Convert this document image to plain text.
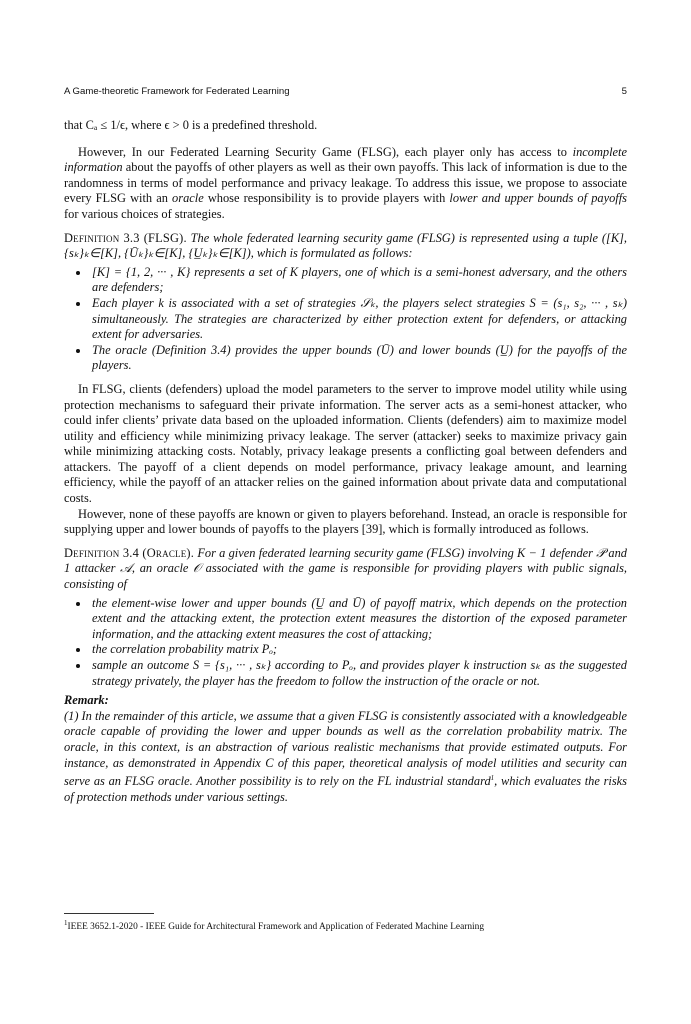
A Game-theoretic Framework for Federated Learning	5

that Cₐ ≤ 1/ϵ, where ϵ > 0 is a predefined threshold.

However, In our Federated Learning Security Game (FLSG), each player only has access to incomplete information about the payoffs of other players as well as their own payoffs. This lack of information is due to the randomness in terms of model performance and privacy leakage. To address this issue, we propose to associate every FLSG with an oracle whose responsibility is to provide players with lower and upper bounds of payoffs for various choices of strategies.

Definition 3.3 (FLSG). The whole federated learning security game (FLSG) is represented using a tuple ([K], {sₖ}ₖ∈[K], {Ūₖ}ₖ∈[K], {U̲ₖ}ₖ∈[K]), which is formulated as follows:

• [K] = {1, 2, ··· , K} represents a set of K players, one of which is a semi-honest adversary, and the others are defenders;
• Each player k is associated with a set of strategies 𝒮ₖ, the players select strategies S = (s₁, s₂, ··· , sₖ) simultaneously. The strategies are characterized by either protection extent for defenders, or attacking extent for adversaries.
• The oracle (Definition 3.4) provides the upper bounds (Ū) and lower bounds (U̲) for the payoffs of the players.

In FLSG, clients (defenders) upload the model parameters to the server to improve model utility while using protection mechanisms to safeguard their private information. The server acts as a semi-honest attacker, who could infer clients’ private data based on the uploaded information. Clients (defenders) aim to maximize model utility and efficiency while minimizing privacy leakage. The server (attacker) seeks to maximize privacy gain while minimizing attacking costs. Notably, privacy leakage presents a conflicting goal between defenders and attackers. The payoff of a client depends on model performance, privacy leakage amount, and learning efficiency, while the payoff of an attacker relies on the gained information about private data and computational costs.

However, none of these payoffs are known or given to players beforehand. Instead, an oracle is responsible for supplying upper and lower bounds of payoffs to the players [39], which is formally introduced as follows.

Definition 3.4 (Oracle). For a given federated learning security game (FLSG) involving K − 1 defender 𝒫 and 1 attacker 𝒜, an oracle 𝒪 associated with the game is responsible for providing players with public signals, consisting of

• the element-wise lower and upper bounds (U̲ and Ū) of payoff matrix, which depends on the protection extent and the attacking extent, the protection extent measures the distortion of the exposed parameter information, and the attacking extent measures the cost of attacking;
• the correlation probability matrix Pₒ;
• sample an outcome S = {s₁, ··· , sₖ} according to Pₒ, and provides player k instruction sₖ as the suggested strategy privately, the player has the freedom to follow the instruction of the oracle or not.

Remark:

(1) In the remainder of this article, we assume that a given FLSG is consistently associated with a knowledgeable oracle capable of providing the lower and upper bounds as well as the correlation probability matrix. The oracle, in this context, is an abstraction of various realistic mechanisms that provide estimated outputs. For instance, as demonstrated in Appendix C of this paper, theoretical analysis of model utilities and security can serve as an FLSG oracle. Another possibility is to rely on the FL industrial standard$^1$, which evaluates the risks of protection methods under various settings.

$^1$IEEE 3652.1-2020 - IEEE Guide for Architectural Framework and Application of Federated Machine Learning
